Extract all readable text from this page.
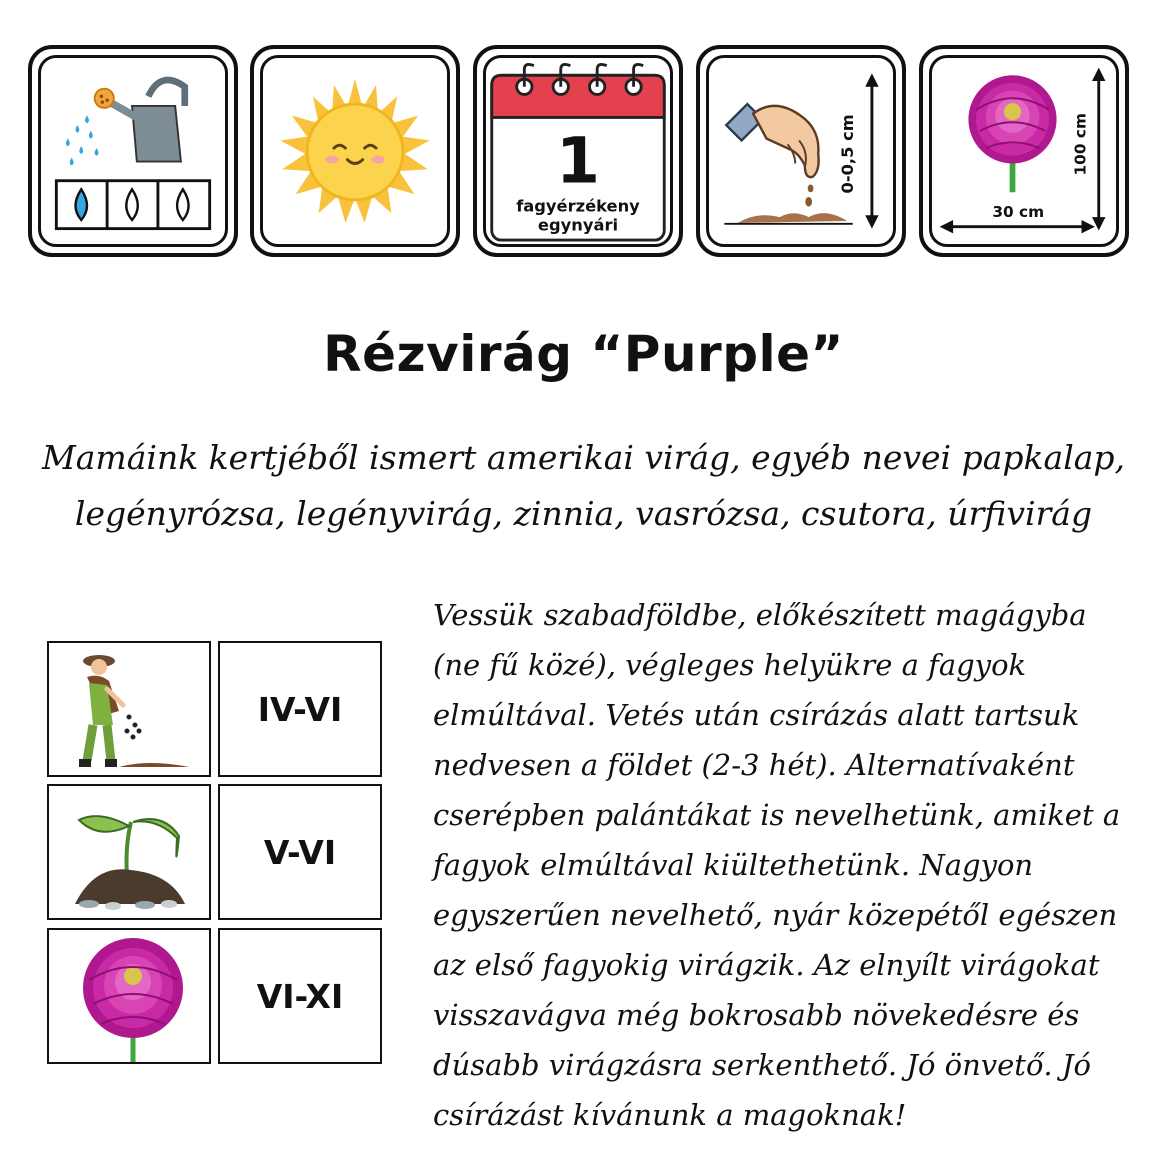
1
fagyérzékeny
egynyári
0-0,5 cm	100 cm
30 cm
Rézvirág “Purple”
Mamáink kertjéből ismert amerikai virág, egyéb nevei papkalap, legényrózsa, legényvirág, zinnia, vasrózsa, csutora, úrfivirág
IV-VI
V-VI
VI-XI
Vessük szabadföldbe, előkészített magágyba (ne fű közé), végleges helyükre a fagyok elmúltával. Vetés után csírázás alatt tartsuk nedvesen a földet (2-3 hét). Alternatívaként cserépben palántákat is nevelhetünk, amiket a fagyok elmúltával kiültethetünk. Nagyon egyszerűen nevelhető, nyár közepétől egészen az első fagyokig virágzik. Az elnyílt virágokat visszavágva még bokrosabb növekedésre és dúsabb virágzásra serkenthető. Jó önvető. Jó csírázást kívánunk a magoknak!
